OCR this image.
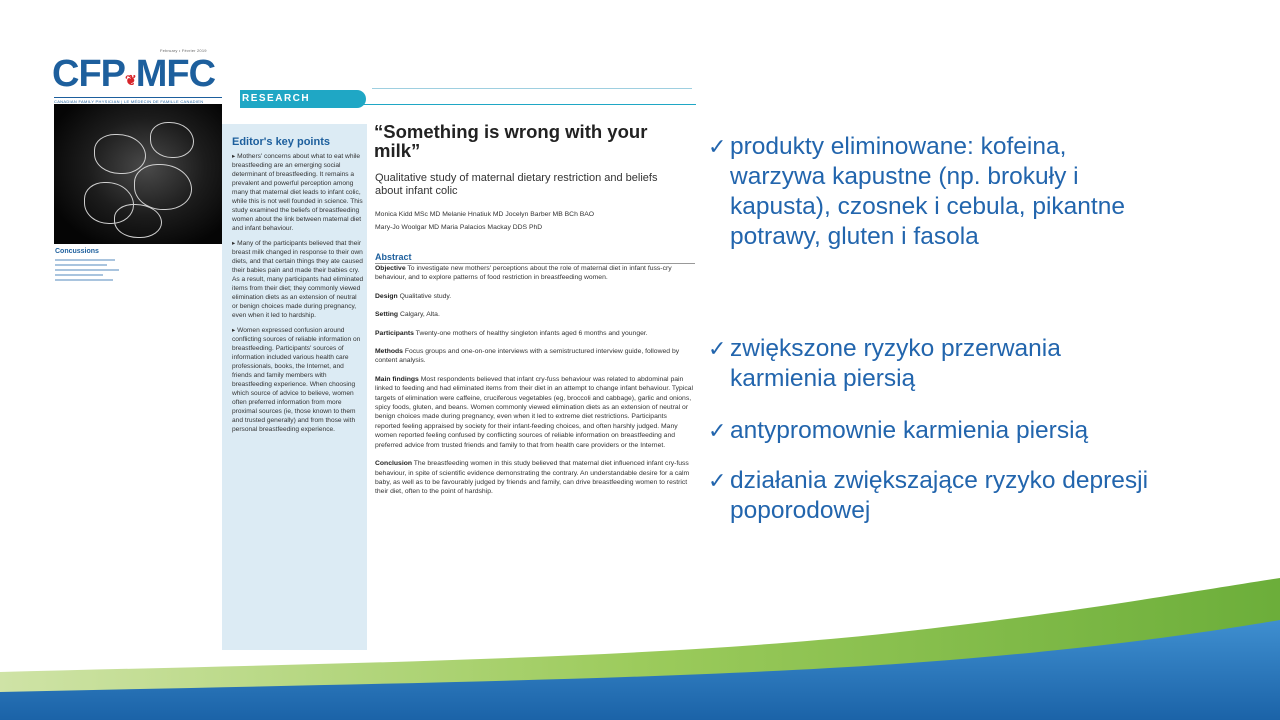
February • Février 2019
CFP❦MFC
CANADIAN FAMILY PHYSICIAN | LE MÉDECIN DE FAMILLE CANADIEN
Concussions
RESEARCH
Editor's key points

▸ Mothers' concerns about what to eat while breastfeeding are an emerging social determinant of breastfeeding. It remains a prevalent and powerful perception among many that maternal diet leads to infant colic, while this is not well founded in science. This study examined the beliefs of breastfeeding women about the link between maternal diet and infant behaviour.

▸ Many of the participants believed that their breast milk changed in response to their own diets, and that certain things they ate caused their babies pain and made their babies cry. As a result, many participants had eliminated items from their diet; they commonly viewed elimination diets as an extension of neutral or benign choices made during pregnancy, even when it led to hardship.

▸ Women expressed confusion around conflicting sources of reliable information on breastfeeding. Participants' sources of information included various health care professionals, books, the Internet, and friends and family members with breastfeeding experience. When choosing which source of advice to believe, women often preferred information from more proximal sources (ie, those known to them and trusted generally) and from those with personal breastfeeding experience.

“Something is wrong with your milk”
Qualitative study of maternal dietary restriction and beliefs about infant colic
Monica Kidd MSc MD Melanie Hnatiuk MD Jocelyn Barber MB BCh BAO
Mary-Jo Woolgar MD Maria Palacios Mackay DDS PhD
Abstract
Objective To investigate new mothers' perceptions about the role of maternal diet in infant fuss-cry behaviour, and to explore patterns of food restriction in breastfeeding women.
Design Qualitative study.
Setting Calgary, Alta.
Participants Twenty-one mothers of healthy singleton infants aged 6 months and younger.
Methods Focus groups and one-on-one interviews with a semistructured interview guide, followed by content analysis.
Main findings Most respondents believed that infant cry-fuss behaviour was related to abdominal pain linked to feeding and had eliminated items from their diet in an attempt to change infant behaviour. Typical targets of elimination were caffeine, cruciferous vegetables (eg, broccoli and cabbage), garlic and onions, spicy foods, gluten, and beans. Women commonly viewed elimination diets as an extension of neutral or benign choices made during pregnancy, even when it led to extreme diet restrictions. Participants reported feeling appraised by society for their infant-feeding choices, and often harshly judged. Many women reported feeling confused by conflicting sources of reliable information on breastfeeding and preferred advice from trusted friends and family to that from health care providers or the Internet.
Conclusion The breastfeeding women in this study believed that maternal diet influenced infant cry-fuss behaviour, in spite of scientific evidence demonstrating the contrary. An understandable desire for a calm baby, as well as to be favourably judged by friends and family, can drive breastfeeding women to restrict their diet, often to the point of hardship.
✓ produkty eliminowane: kofeina,
warzywa kapustne (np. brokuły i
kapusta), czosnek i cebula, pikantne
potrawy, gluten i fasola
✓ zwiększone ryzyko przerwania
karmienia piersią
✓ antypromownie karmienia piersią
✓ działania zwiększające ryzyko depresji
poporodowej
